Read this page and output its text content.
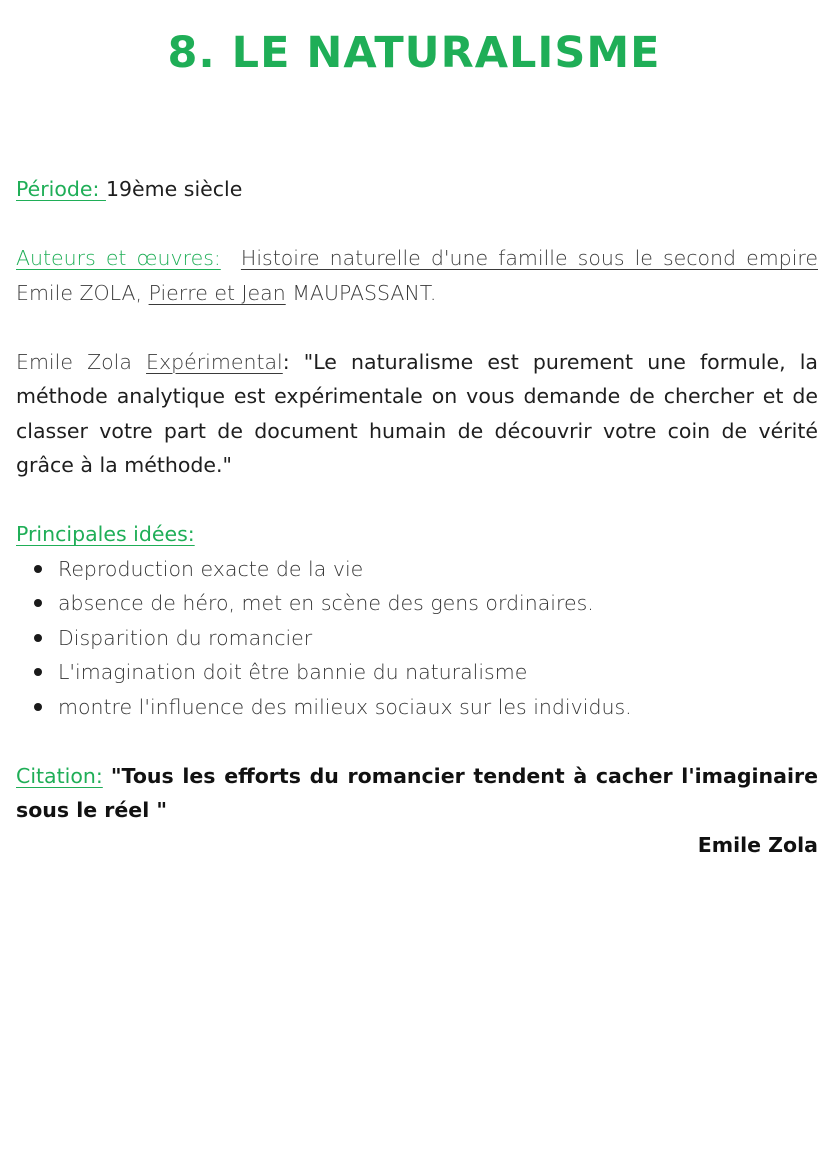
8. LE NATURALISME

Période: 19ème siècle

Auteurs et œuvres: Histoire naturelle d'une famille sous le second empire Emile ZOLA, Pierre et Jean MAUPASSANT.

Emile Zola Expérimental: "Le naturalisme est purement une formule, la méthode analytique est expérimentale on vous demande de chercher et de classer votre part de document humain de découvrir votre coin de vérité grâce à la méthode."

Principales idées:

Reproduction exacte de la vie
absence de héro, met en scène des gens ordinaires.
Disparition du romancier
L'imagination doit être bannie du naturalisme
montre l'influence des milieux sociaux sur les individus.

Citation: "Tous les efforts du romancier tendent à cacher l'imaginaire sous le réel "

Emile Zola
